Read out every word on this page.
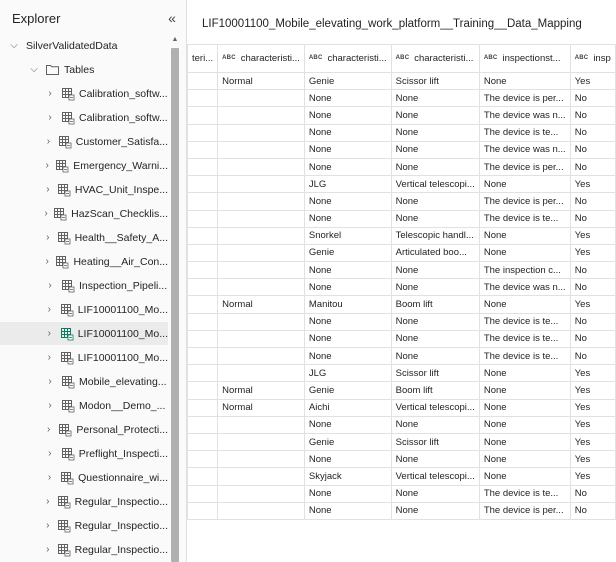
Explorer	«
⌵ SilverValidatedData
⌵ Tables
›	Calibration_softw...
›	Calibration_softw...
› Customer_Satisfa...
› Emergency_Warni...
› HVAC_Unit_Inspe...
› HazScan_Checklis...
› Health__Safety_A...
› Heating__Air_Con...
›	Inspection_Pipeli...
›	LIF10001100_Mo...
›	LIF10001100_Mo...
›	LIF10001100_Mo...
›	Mobile_elevating...
›	Modon__Demo_...
› Personal_Protecti...
›	Preflight_Inspecti...
›	Questionnaire_wi...
› Regular_Inspectio...
› Regular_Inspectio...
› Regular_Inspectio...
▲
LIF10001100_Mobile_elevating_work_platform__Training__Data_Mapping
teri...	$^{ABC}$ characteristi...	$^{ABC}$ characteristi...	$^{ABC}$ characteristi...	$^{ABC}$ inspectionst...	$^{ABC}$ insp
	Normal	Genie	Scissor lift	None	Yes
		None	None	The device is per...	No
		None	None	The device was n...	No
		None	None	The device is te...	No
		None	None	The device was n...	No
		None	None	The device is per...	No
		JLG	Vertical telescopi...	None	Yes
		None	None	The device is per...	No
		None	None	The device is te...	No
		Snorkel	Telescopic handl...	None	Yes
		Genie	Articulated boo...	None	Yes
		None	None	The inspection c...	No
		None	None	The device was n...	No
	Normal	Manitou	Boom lift	None	Yes
		None	None	The device is te...	No
		None	None	The device is te...	No
		None	None	The device is te...	No
		JLG	Scissor lift	None	Yes
	Normal	Genie	Boom lift	None	Yes
	Normal	Aichi	Vertical telescopi...	None	Yes
		None	None	None	Yes
		Genie	Scissor lift	None	Yes
		None	None	None	Yes
		Skyjack	Vertical telescopi...	None	Yes
		None	None	The device is te...	No
		None	None	The device is per...	No
